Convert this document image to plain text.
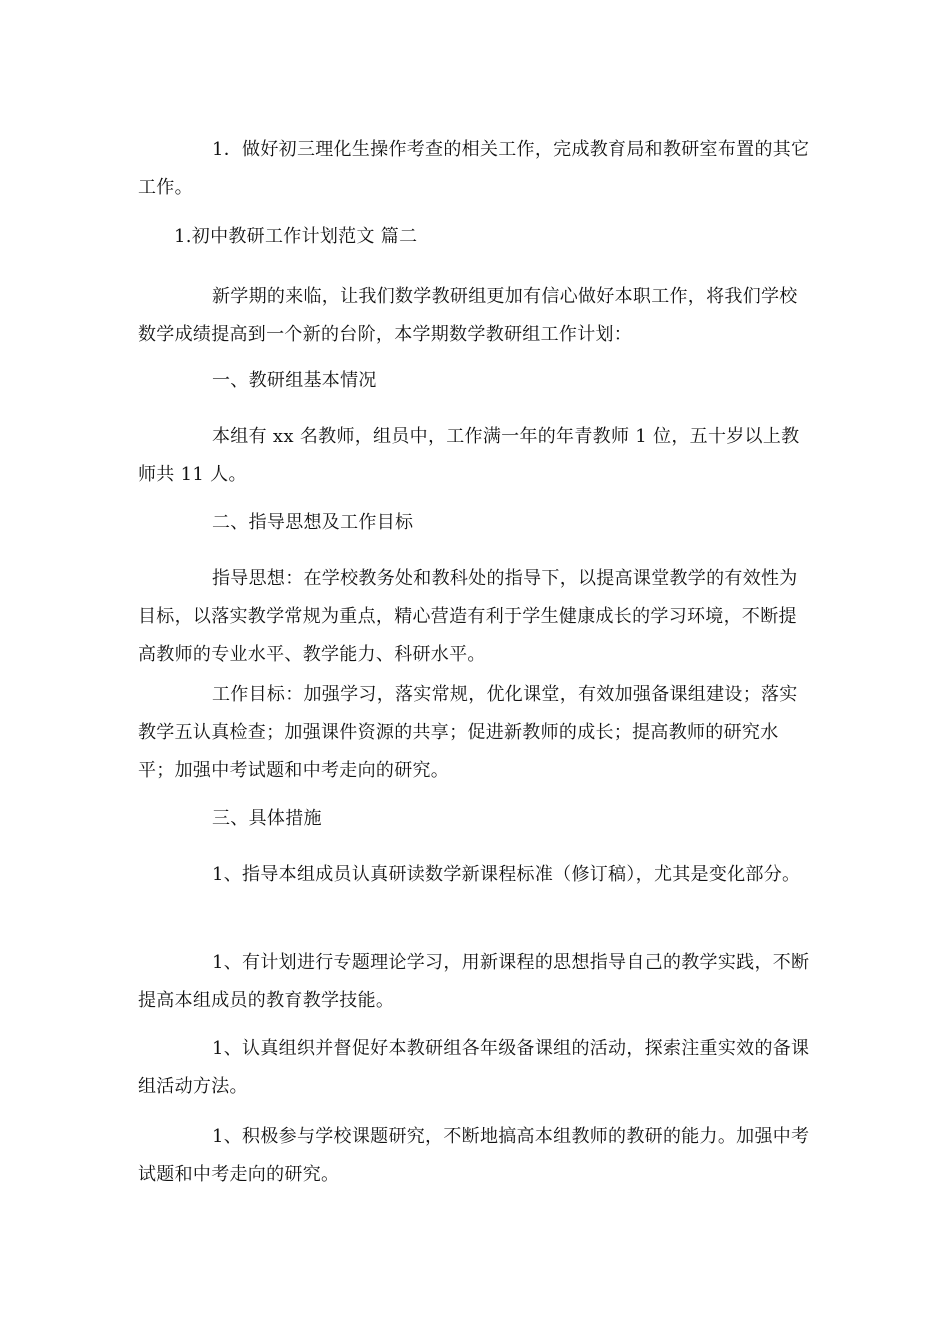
1．做好初三理化生操作考查的相关工作，完成教育局和教研室布置的其它工作。

1.初中教研工作计划范文 篇二

新学期的来临，让我们数学教研组更加有信心做好本职工作，将我们学校数学成绩提高到一个新的台阶，本学期数学教研组工作计划：

一、教研组基本情况

本组有 xx 名教师，组员中，工作满一年的年青教师 1 位，五十岁以上教师共 11 人。

二、指导思想及工作目标

指导思想：在学校教务处和教科处的指导下，以提高课堂教学的有效性为目标，以落实教学常规为重点，精心营造有利于学生健康成长的学习环境，不断提高教师的专业水平、教学能力、科研水平。

工作目标：加强学习，落实常规，优化课堂，有效加强备课组建设；落实教学五认真检查；加强课件资源的共享；促进新教师的成长；提高教师的研究水平；加强中考试题和中考走向的研究。

三、具体措施

1、指导本组成员认真研读数学新课程标准（修订稿），尤其是变化部分。

1、有计划进行专题理论学习，用新课程的思想指导自己的教学实践，不断提高本组成员的教育教学技能。

1、认真组织并督促好本教研组各年级备课组的活动，探索注重实效的备课组活动方法。

1、积极参与学校课题研究，不断地搞高本组教师的教研的能力。加强中考试题和中考走向的研究。
